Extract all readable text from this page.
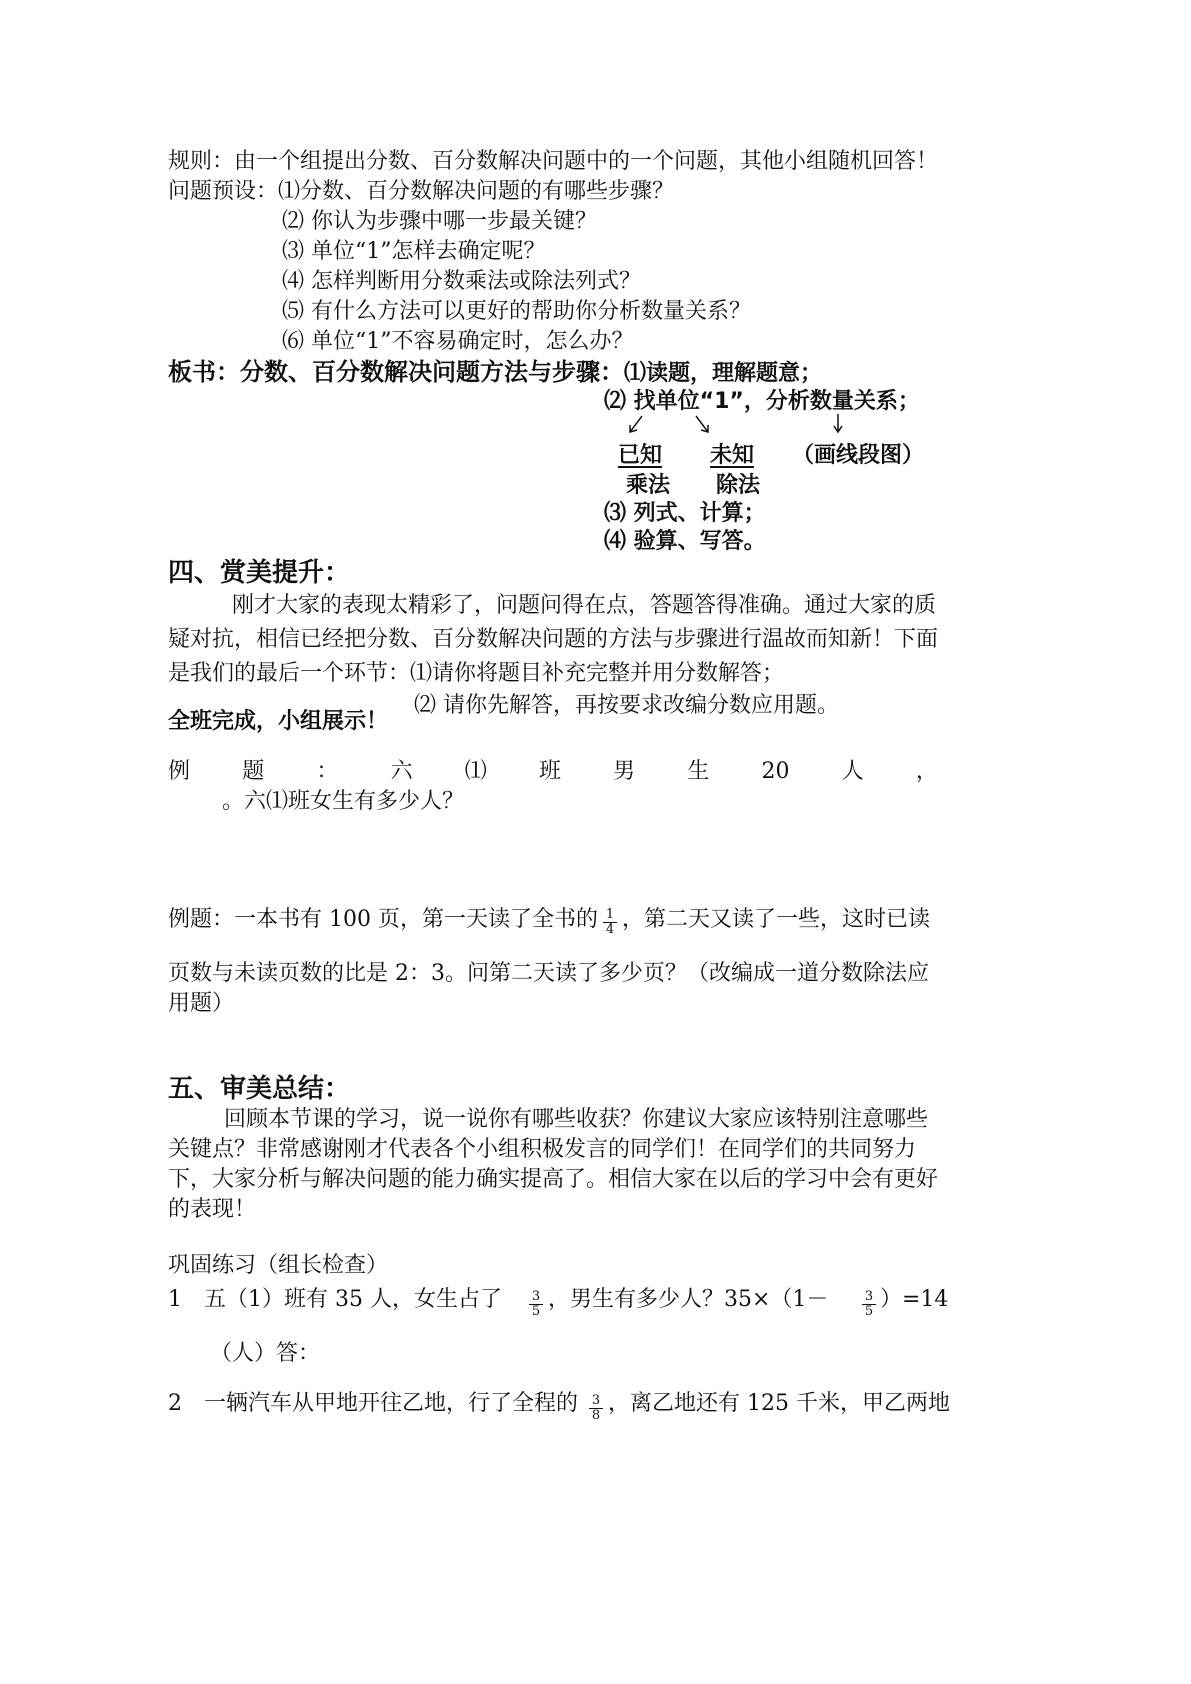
规则：由一个组提出分数、百分数解决问题中的一个问题，其他小组随机回答！
问题预设： ⑴分数、百分数解决问题的有哪些步骤？
⑵ 你认为步骤中哪一步最关键？
⑶ 单位“1”怎样去确定呢？
⑷ 怎样判断用分数乘法或除法列式？
⑸ 有什么方法可以更好的帮助你分析数量关系？
⑹ 单位“1”不容易确定时，怎么办？
板书：分数、百分数解决问题方法与步骤：⑴读题，理解题意；
⑵ 找单位“1”，分析数量关系；
已知	未知	（画线段图）
乘法 除法
⑶ 列式、计算；
⑷ 验算、写答。
四、赏美提升：
刚才大家的表现太精彩了，问题问得在点，答题答得准确。通过大家的质
疑对抗，相信已经把分数、百分数解决问题的方法与步骤进行温故而知新！下面
是我们的最后一个环节：⑴请你将题目补充完整并用分数解答；
⑵ 请你先解答，再按要求改编分数应用题。
全班完成，小组展示！
例 题 ： 六 ⑴ 班 男 生 20 人 ，
。六⑴班女生有多少人？
例题：一本书有 100 页，第一天读了全书的 $\frac{1}{4}$ ，第二天又读了一些，这时已读
页数与未读页数的比是 2：3。问第二天读了多少页？（改编成一道分数除法应
用题）
五、审美总结：
回顾本节课的学习，说一说你有哪些收获？你建议大家应该特别注意哪些
关键点？非常感谢刚才代表各个小组积极发言的同学们！在同学们的共同努力
下，大家分析与解决问题的能力确实提高了。相信大家在以后的学习中会有更好
的表现！
巩固练习（组长检查）
1　五（1）班有 35 人，女生占了 $\frac{3}{5}$ ，男生有多少人？35×（1－	$\frac{3}{5} )=14$
（人）答：
2　一辆汽车从甲地开往乙地，行了全程的 $\frac{3}{8}$ ，离乙地还有 125 千米，甲乙两地
